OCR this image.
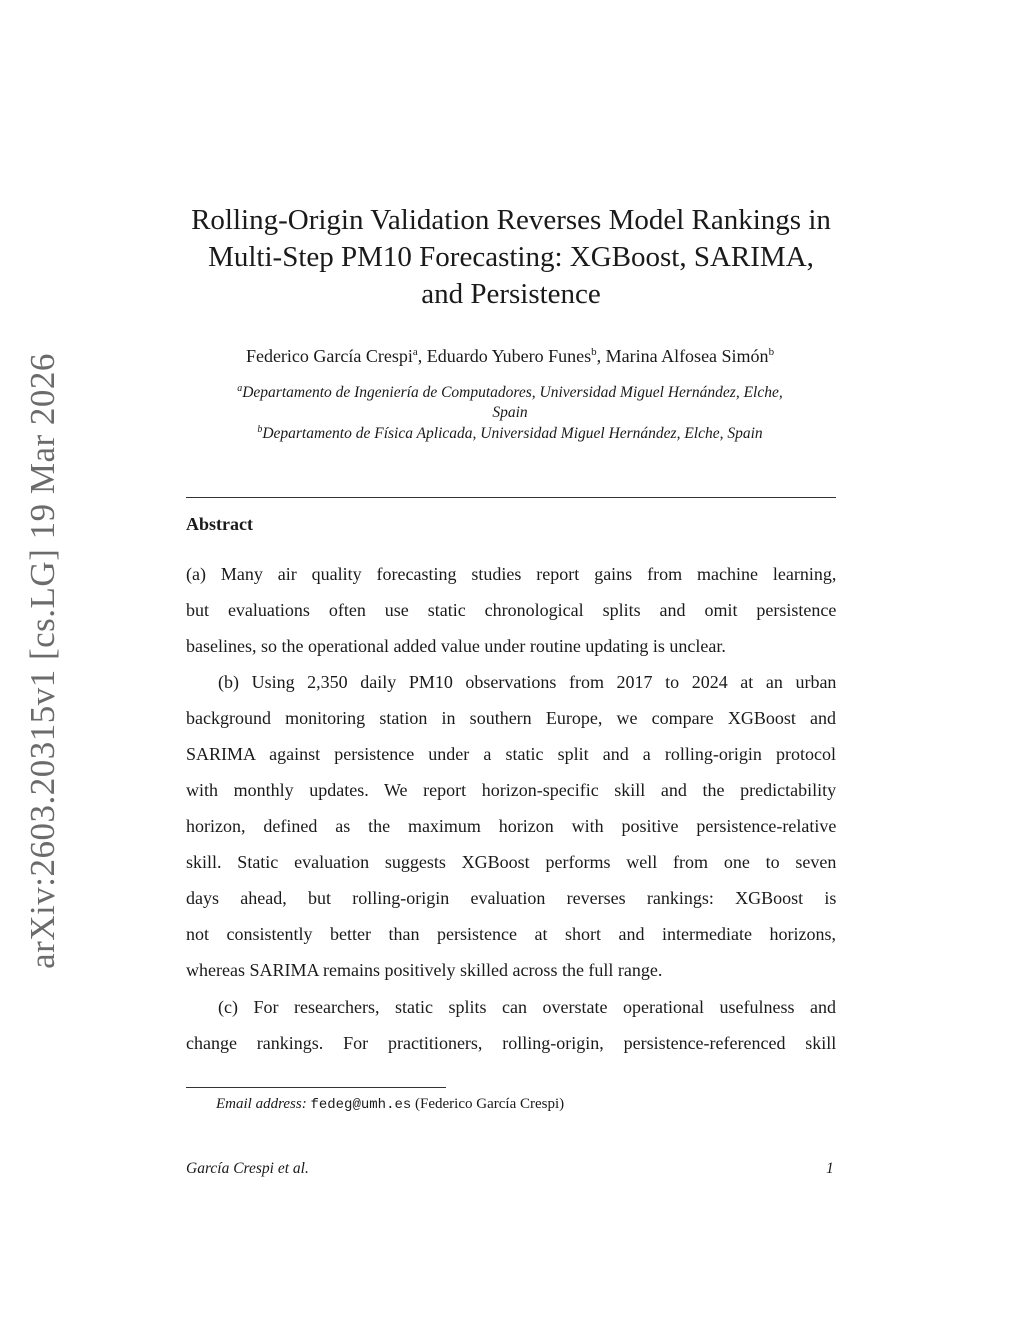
arXiv:2603.20315v1 [cs.LG] 19 Mar 2026
Rolling-Origin Validation Reverses Model Rankings in
Multi-Step PM10 Forecasting: XGBoost, SARIMA,
and Persistence
Federico García Crespi$^a$, Eduardo Yubero Funes$^b$, Marina Alfosea Simón$^b$
$^a$Departamento de Ingeniería de Computadores, Universidad Miguel Hernández, Elche,
Spain
$^b$Departamento de Física Aplicada, Universidad Miguel Hernández, Elche, Spain
Abstract
(a) Many air quality forecasting studies report gains from machine learning,
but evaluations often use static chronological splits and omit persistence
baselines, so the operational added value under routine updating is unclear.
(b) Using 2,350 daily PM10 observations from 2017 to 2024 at an urban
background monitoring station in southern Europe, we compare XGBoost and
SARIMA against persistence under a static split and a rolling-origin protocol
with monthly updates. We report horizon-specific skill and the predictability
horizon, defined as the maximum horizon with positive persistence-relative
skill. Static evaluation suggests XGBoost performs well from one to seven
days ahead, but rolling-origin evaluation reverses rankings: XGBoost is
not consistently better than persistence at short and intermediate horizons,
whereas SARIMA remains positively skilled across the full range.
(c) For researchers, static splits can overstate operational usefulness and
change rankings. For practitioners, rolling-origin, persistence-referenced skill
Email address: fedeg@umh.es (Federico García Crespi)
García Crespi et al.	1
